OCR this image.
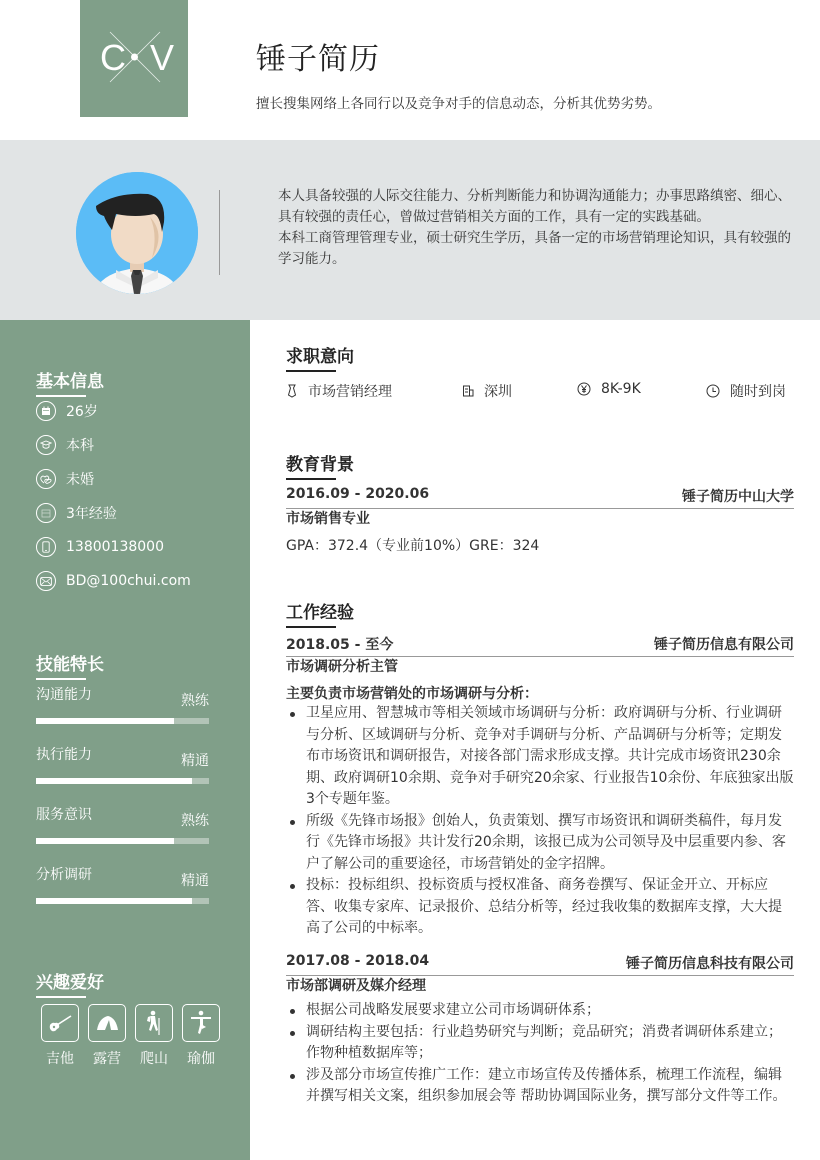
C V	锤子简历
擅长搜集网络上各同行以及竞争对手的信息动态，分析其优势劣势。

本人具备较强的人际交往能力、分析判断能力和协调沟通能力；办事思路缜密、细心、具有较强的责任心，曾做过营销相关方面的工作，具有一定的实践基础。

本科工商管理管理专业，硕士研究生学历，具备一定的市场营销理论知识，具有较强的学习能力。

基本信息
26岁
本科
未婚
3年经验
13800138000
BD@100chui.com
技能特长
沟通能力	熟练
执行能力	精通
服务意识	熟练
分析调研	精通
兴趣爱好
吉他 露营 爬山 瑜伽
求职意向
市场营销经理	深圳	8K-9K	随时到岗
教育背景
2016.09 - 2020.06	锤子简历中山大学
市场销售专业
GPA：372.4（专业前10%）GRE：324
工作经验
2018.05 - 至今	锤子简历信息有限公司
市场调研分析主管
主要负责市场营销处的市场调研与分析：
卫星应用、智慧城市等相关领域市场调研与分析：政府调研与分析、行业调研与分析、区域调研与分析、竞争对手调研与分析、产品调研与分析等；定期发布市场资讯和调研报告，对接各部门需求形成支撑。共计完成市场资讯230余期、政府调研10余期、竞争对手研究20余家、行业报告10余份、年底独家出版3个专题年鉴。
所级《先锋市场报》创始人，负责策划、撰写市场资讯和调研类稿件，每月发行《先锋市场报》共计发行20余期，该报已成为公司领导及中层重要内参、客户了解公司的重要途径，市场营销处的金字招牌。
投标：投标组织、投标资质与授权准备、商务卷撰写、保证金开立、开标应答、收集专家库、记录报价、总结分析等，经过我收集的数据库支撑，大大提高了公司的中标率。
2017.08 - 2018.04	锤子简历信息科技有限公司
市场部调研及媒介经理
根据公司战略发展要求建立公司市场调研体系；
调研结构主要包括：行业趋势研究与判断；竞品研究；消费者调研体系建立；作物种植数据库等；
涉及部分市场宣传推广工作：建立市场宣传及传播体系，梳理工作流程，编辑并撰写相关文案，组织参加展会等 帮助协调国际业务，撰写部分文件等工作。
